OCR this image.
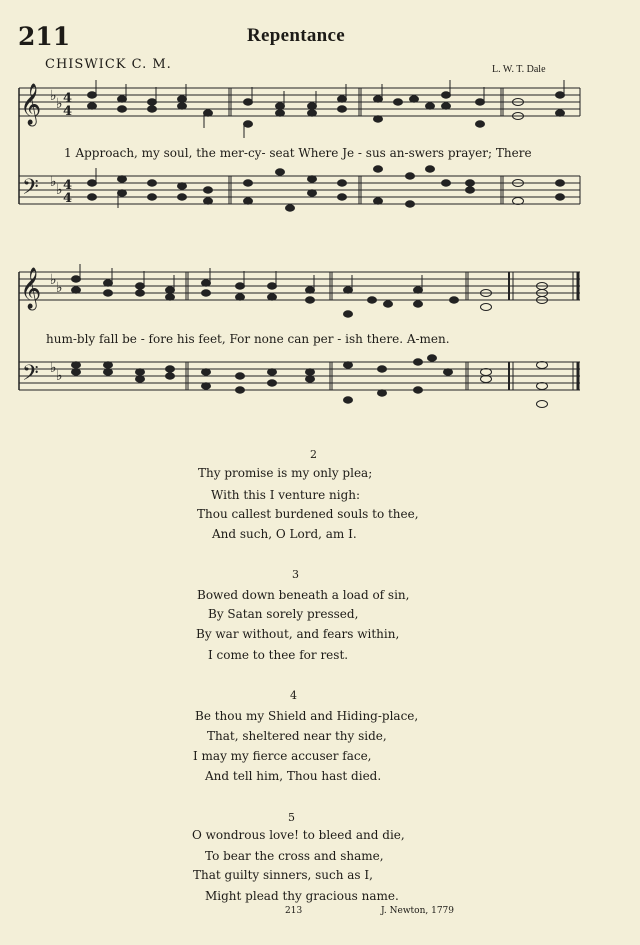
211	Repentance
CHISWICK C. M.	L. W. T. Dale
𝄞
𝄢
♭ ♭
♭ ♭
4
4
4
4
1 Approach, my soul, the mer-cy- seat Where Je - sus an-swers prayer; There
𝄞
𝄢
♭ ♭
♭ ♭
hum-bly fall be - fore his feet, For none can per - ish there. A-men.
2
Thy promise is my only plea;
With this I venture nigh:
Thou callest burdened souls to thee,
And such, O Lord, am I.
3
Bowed down beneath a load of sin,
By Satan sorely pressed,
By war without, and fears within,
I come to thee for rest.
4
Be thou my Shield and Hiding-place,
That, sheltered near thy side,
I may my fierce accuser face,
And tell him, Thou hast died.
5
O wondrous love! to bleed and die,
To bear the cross and shame,
That guilty sinners, such as I,
Might plead thy gracious name.
213	J. Newton, 1779
